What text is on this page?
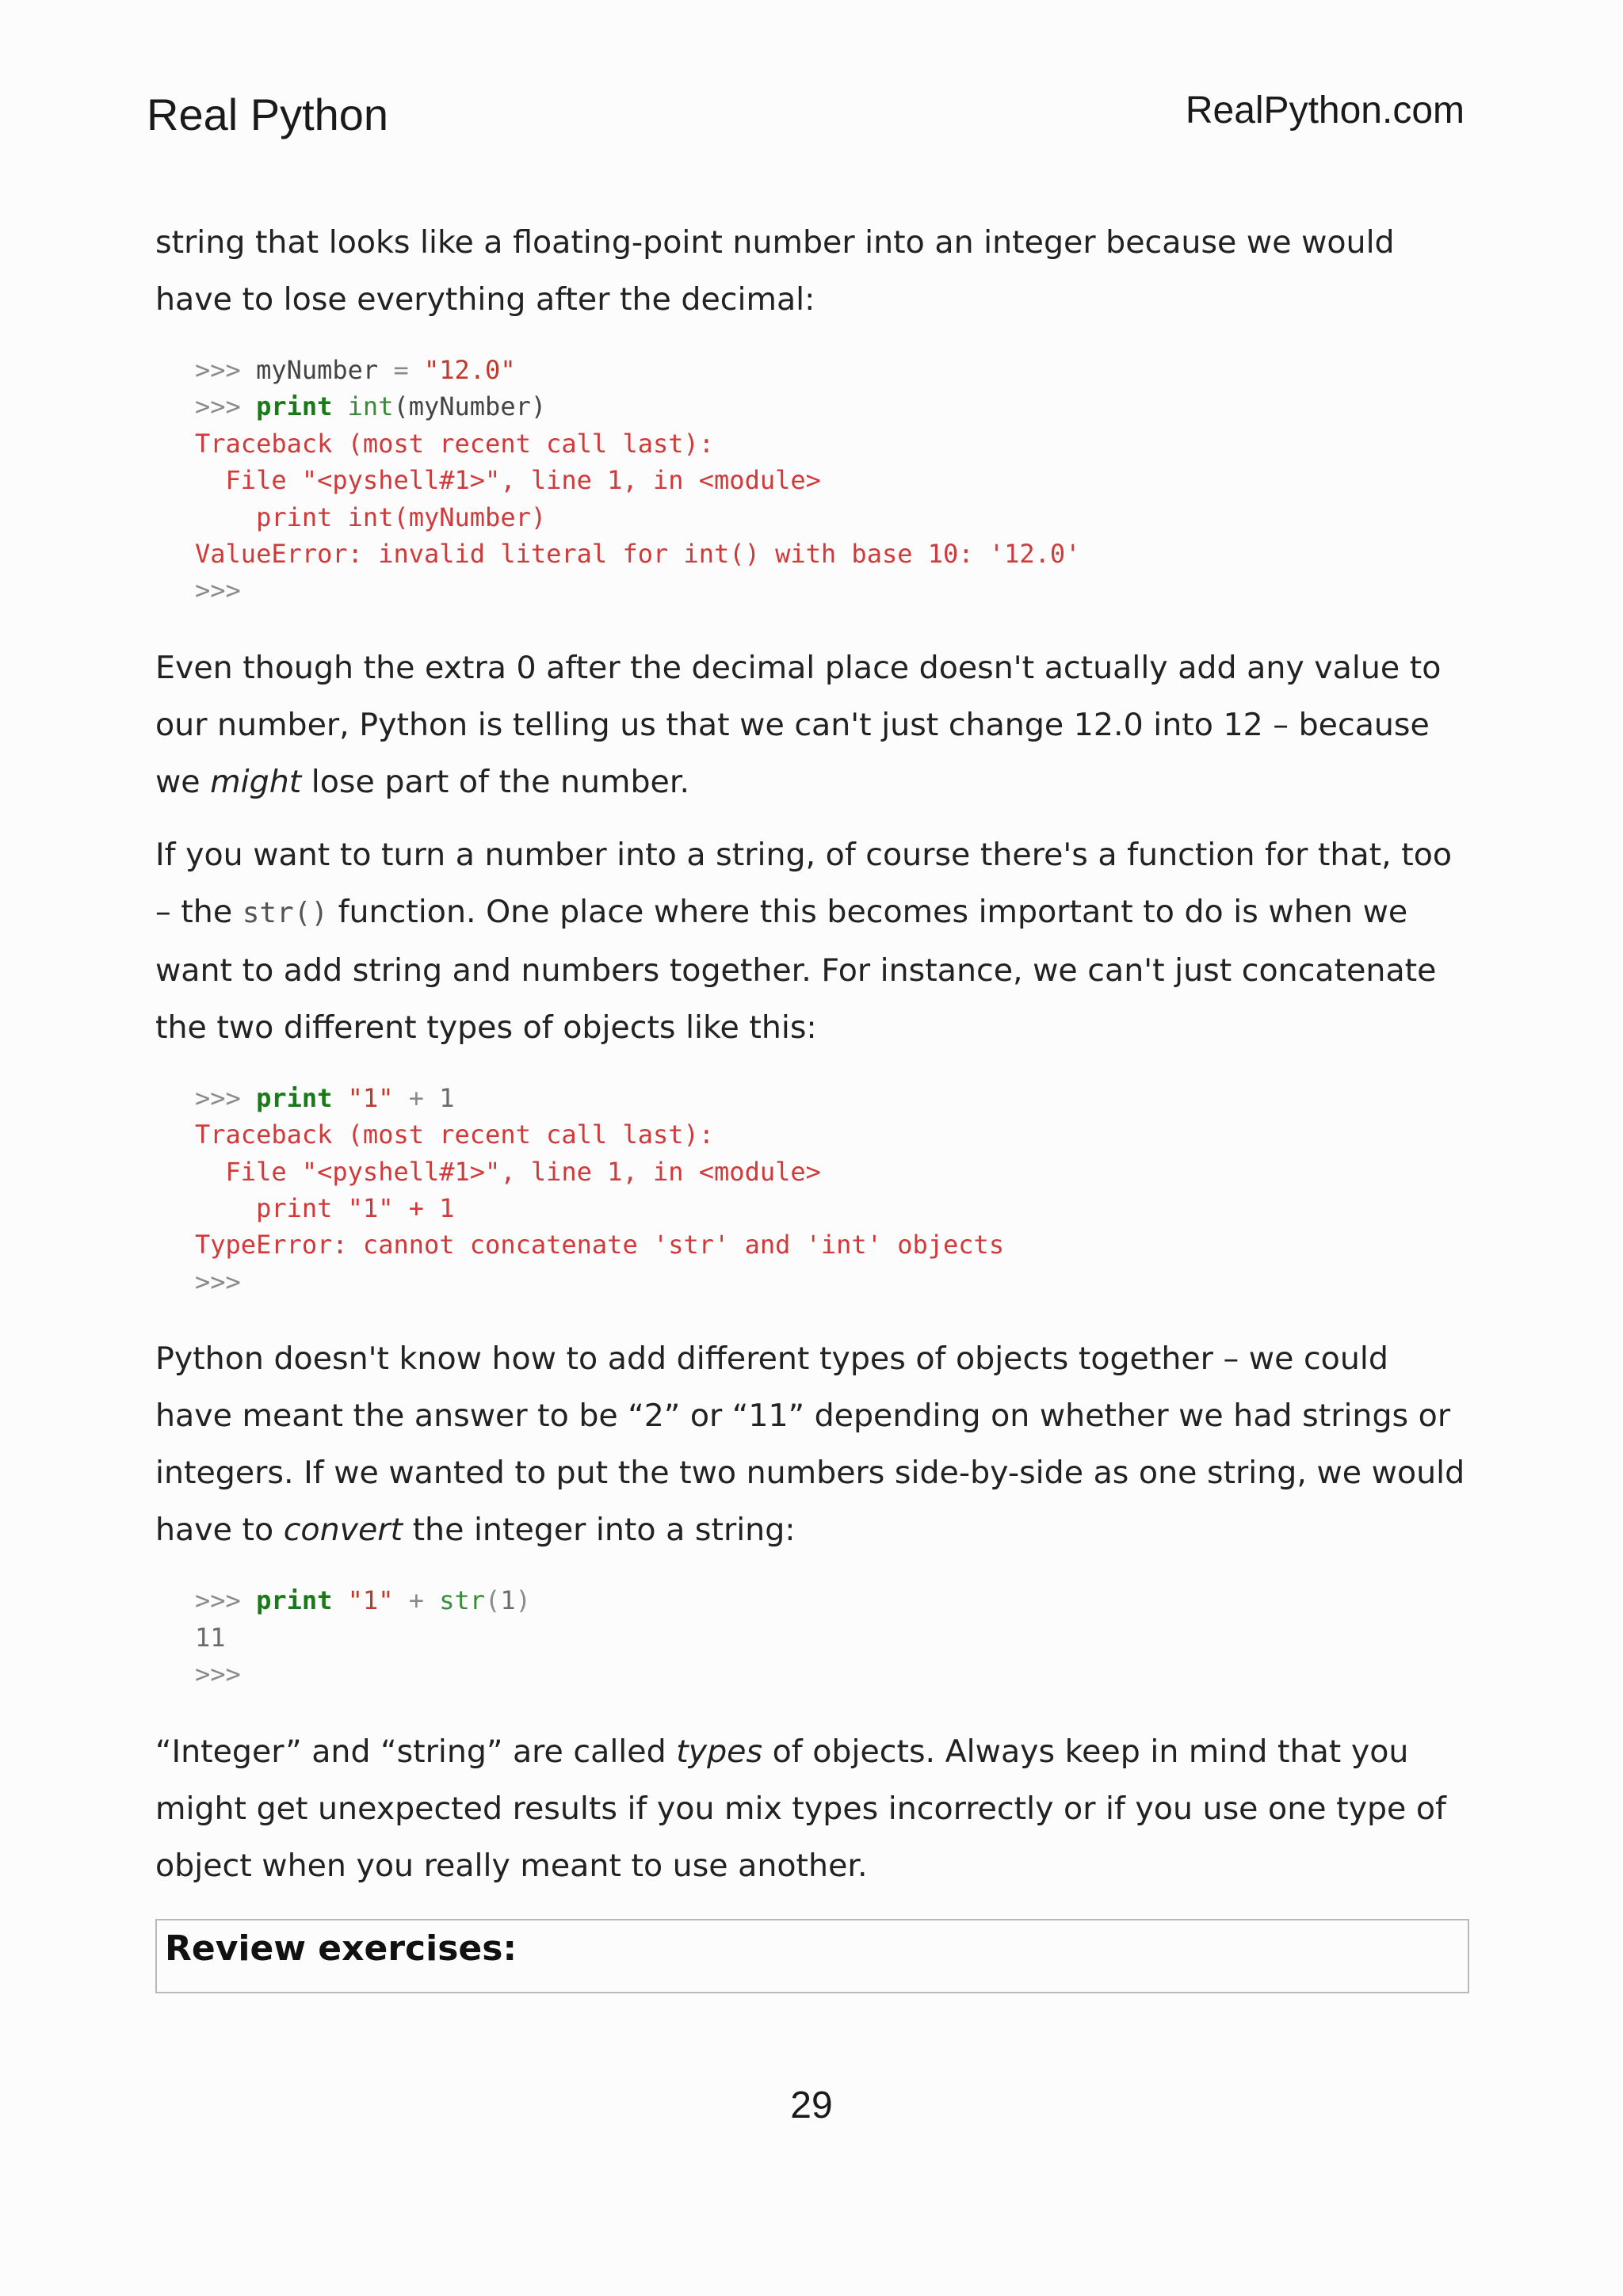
Real Python	RealPython.com

string that looks like a floating-point number into an integer because we would have to lose everything after the decimal:

>>> myNumber = "12.0"
>>> print int(myNumber)
Traceback (most recent call last):
File "<pyshell#1>", line 1, in <module>
print int(myNumber)
ValueError: invalid literal for int() with base 10: '12.0'
>>>

Even though the extra 0 after the decimal place doesn't actually add any value to our number, Python is telling us that we can't just change 12.0 into 12 – because we might lose part of the number.

If you want to turn a number into a string, of course there's a function for that, too – the str() function. One place where this becomes important to do is when we want to add string and numbers together. For instance, we can't just concatenate the two different types of objects like this:

>>> print "1" + 1
Traceback (most recent call last):
File "<pyshell#1>", line 1, in <module>
print "1" + 1
TypeError: cannot concatenate 'str' and 'int' objects
>>>

Python doesn't know how to add different types of objects together – we could have meant the answer to be “2” or “11” depending on whether we had strings or integers. If we wanted to put the two numbers side-by-side as one string, we would have to convert the integer into a string:

>>> print "1" + str(1)
11
>>>

“Integer” and “string” are called types of objects. Always keep in mind that you might get unexpected results if you mix types incorrectly or if you use one type of object when you really meant to use another.

Review exercises:
29
